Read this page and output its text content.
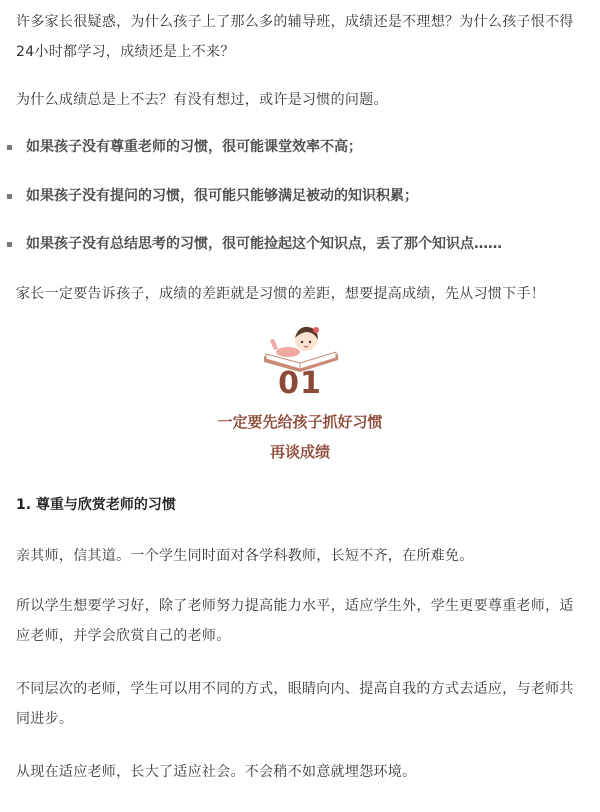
许多家长很疑惑，为什么孩子上了那么多的辅导班，成绩还是不理想？为什么孩子恨不得

24小时都学习，成绩还是上不来？

为什么成绩总是上不去？有没有想过，或许是习惯的问题。

如果孩子没有尊重老师的习惯，很可能课堂效率不高；
如果孩子没有提问的习惯，很可能只能够满足被动的知识积累；
如果孩子没有总结思考的习惯，很可能捡起这个知识点，丢了那个知识点……

家长一定要告诉孩子，成绩的差距就是习惯的差距，想要提高成绩，先从习惯下手！

01
一定要先给孩子抓好习惯
再谈成绩
1. 尊重与欣赏老师的习惯

亲其师，信其道。一个学生同时面对各学科教师，长短不齐，在所难免。

所以学生想要学习好，除了老师努力提高能力水平，适应学生外，学生更要尊重老师，适

应老师，并学会欣赏自己的老师。

不同层次的老师，学生可以用不同的方式，眼睛向内、提高自我的方式去适应，与老师共

同进步。

从现在适应老师，长大了适应社会。不会稍不如意就埋怨环境。
